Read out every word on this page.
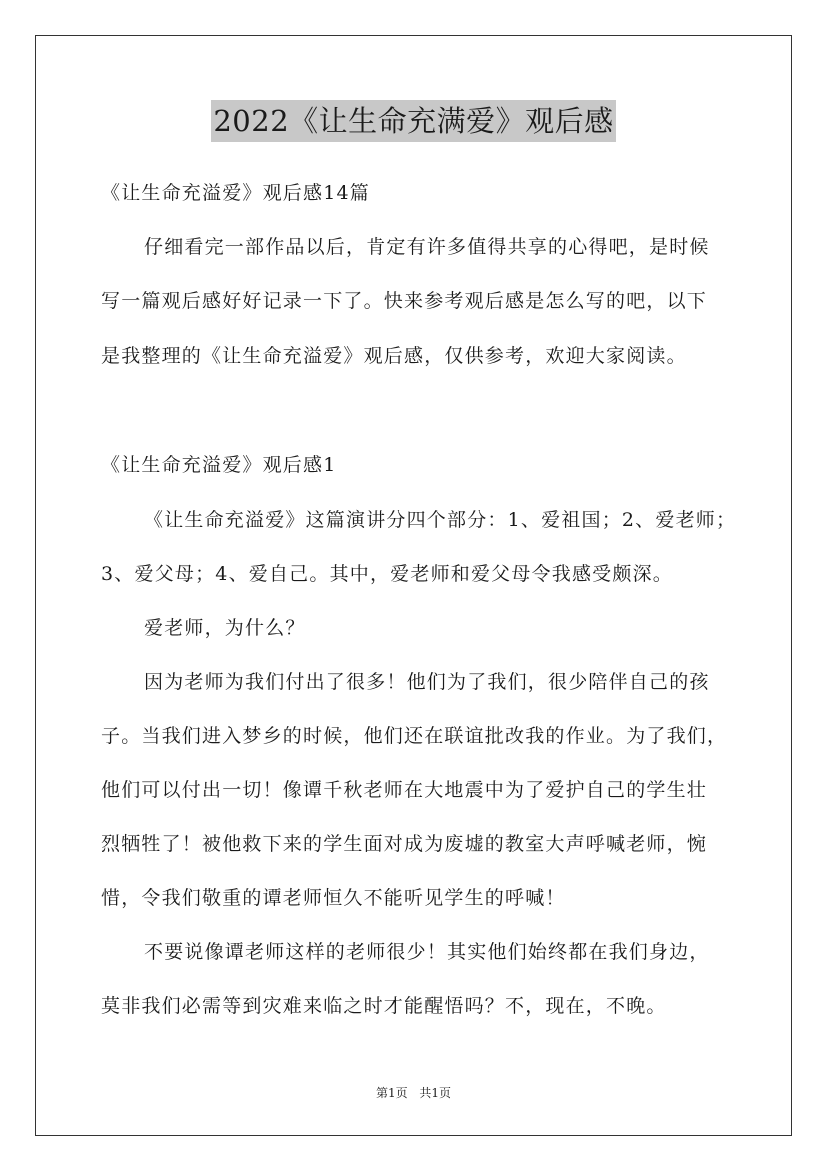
2022《让生命充满爱》观后感
《让生命充溢爱》观后感14篇
仔细看完一部作品以后，肯定有许多值得共享的心得吧，是时候
写一篇观后感好好记录一下了。快来参考观后感是怎么写的吧，以下
是我整理的《让生命充溢爱》观后感，仅供参考，欢迎大家阅读。
《让生命充溢爱》观后感1
《让生命充溢爱》这篇演讲分四个部分：1、爱祖国；2、爱老师；
3、爱父母；4、爱自己。其中，爱老师和爱父母令我感受颇深。
爱老师，为什么？
因为老师为我们付出了很多！他们为了我们，很少陪伴自己的孩
子。当我们进入梦乡的时候，他们还在联谊批改我的作业。为了我们，
他们可以付出一切！像谭千秋老师在大地震中为了爱护自己的学生壮
烈牺牲了！被他救下来的学生面对成为废墟的教室大声呼喊老师，惋
惜，令我们敬重的谭老师恒久不能听见学生的呼喊！
不要说像谭老师这样的老师很少！其实他们始终都在我们身边，
莫非我们必需等到灾难来临之时才能醒悟吗？不，现在，不晚。
第1页 共1页
